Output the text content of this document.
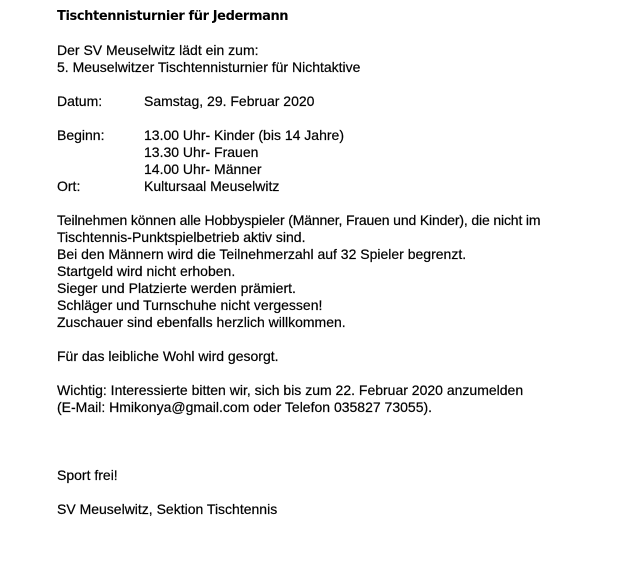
Tischtennisturnier für Jedermann
Der SV Meuselwitz lädt ein zum:
5. Meuselwitzer Tischtennisturnier für Nichtaktive
Datum:	Samstag, 29. Februar 2020
Beginn:	13.00 Uhr- Kinder (bis 14 Jahre)
13.30 Uhr- Frauen
14.00 Uhr- Männer
Ort:	Kultursaal Meuselwitz
Teilnehmen können alle Hobbyspieler (Männer, Frauen und Kinder), die nicht im
Tischtennis-Punktspielbetrieb aktiv sind.
Bei den Männern wird die Teilnehmerzahl auf 32 Spieler begrenzt.
Startgeld wird nicht erhoben.
Sieger und Platzierte werden prämiert.
Schläger und Turnschuhe nicht vergessen!
Zuschauer sind ebenfalls herzlich willkommen.
Für das leibliche Wohl wird gesorgt.
Wichtig: Interessierte bitten wir, sich bis zum 22. Februar 2020 anzumelden
(E-Mail: Hmikonya@gmail.com oder Telefon 035827 73055).
Sport frei!
SV Meuselwitz, Sektion Tischtennis
